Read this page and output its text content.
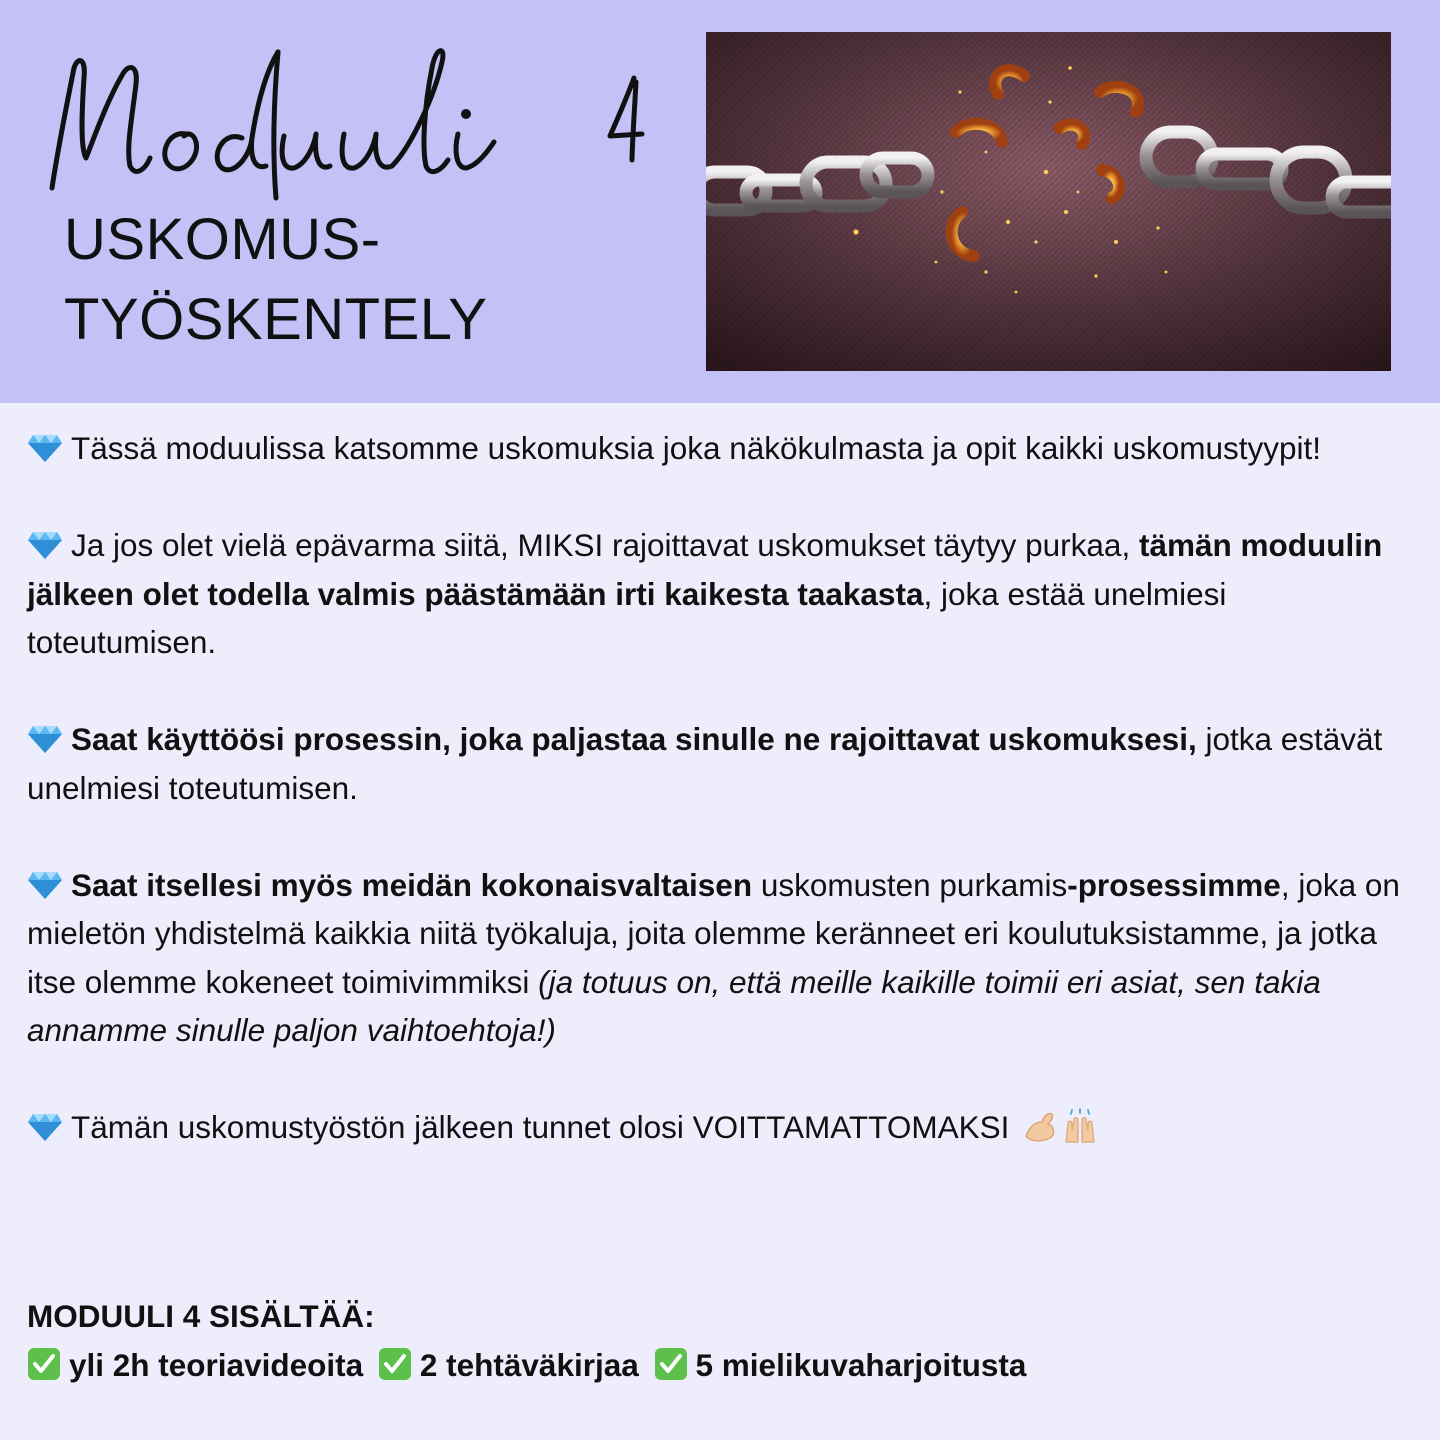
USKOMUS-
TYÖSKENTELY

Tässä moduulissa katsomme uskomuksia joka näkökulmasta ja opit kaikki uskomustyypit!

Ja jos olet vielä epävarma siitä, MIKSI rajoittavat uskomukset täytyy purkaa, tämän moduulin jälkeen olet todella valmis päästämään irti kaikesta taakasta, joka estää unelmiesi toteutumisen.

Saat käyttöösi prosessin, joka paljastaa sinulle ne rajoittavat uskomuksesi, jotka estävät unelmiesi toteutumisen.

Saat itsellesi myös meidän kokonaisvaltaisen uskomusten purkamis-prosessimme, joka on mieletön yhdistelmä kaikkia niitä työkaluja, joita olemme keränneet eri koulutuksistamme, ja jotka itse olemme kokeneet toimivimmiksi (ja totuus on, että meille kaikille toimii eri asiat, sen takia annamme sinulle paljon vaihtoehtoja!)

Tämän uskomustyöstön jälkeen tunnet olosi VOITTAMATTOMAKSI

MODUULI 4 SISÄLTÄÄ:
yli 2h teoriavideoita 2 tehtäväkirjaa 5 mielikuvaharjoitusta
